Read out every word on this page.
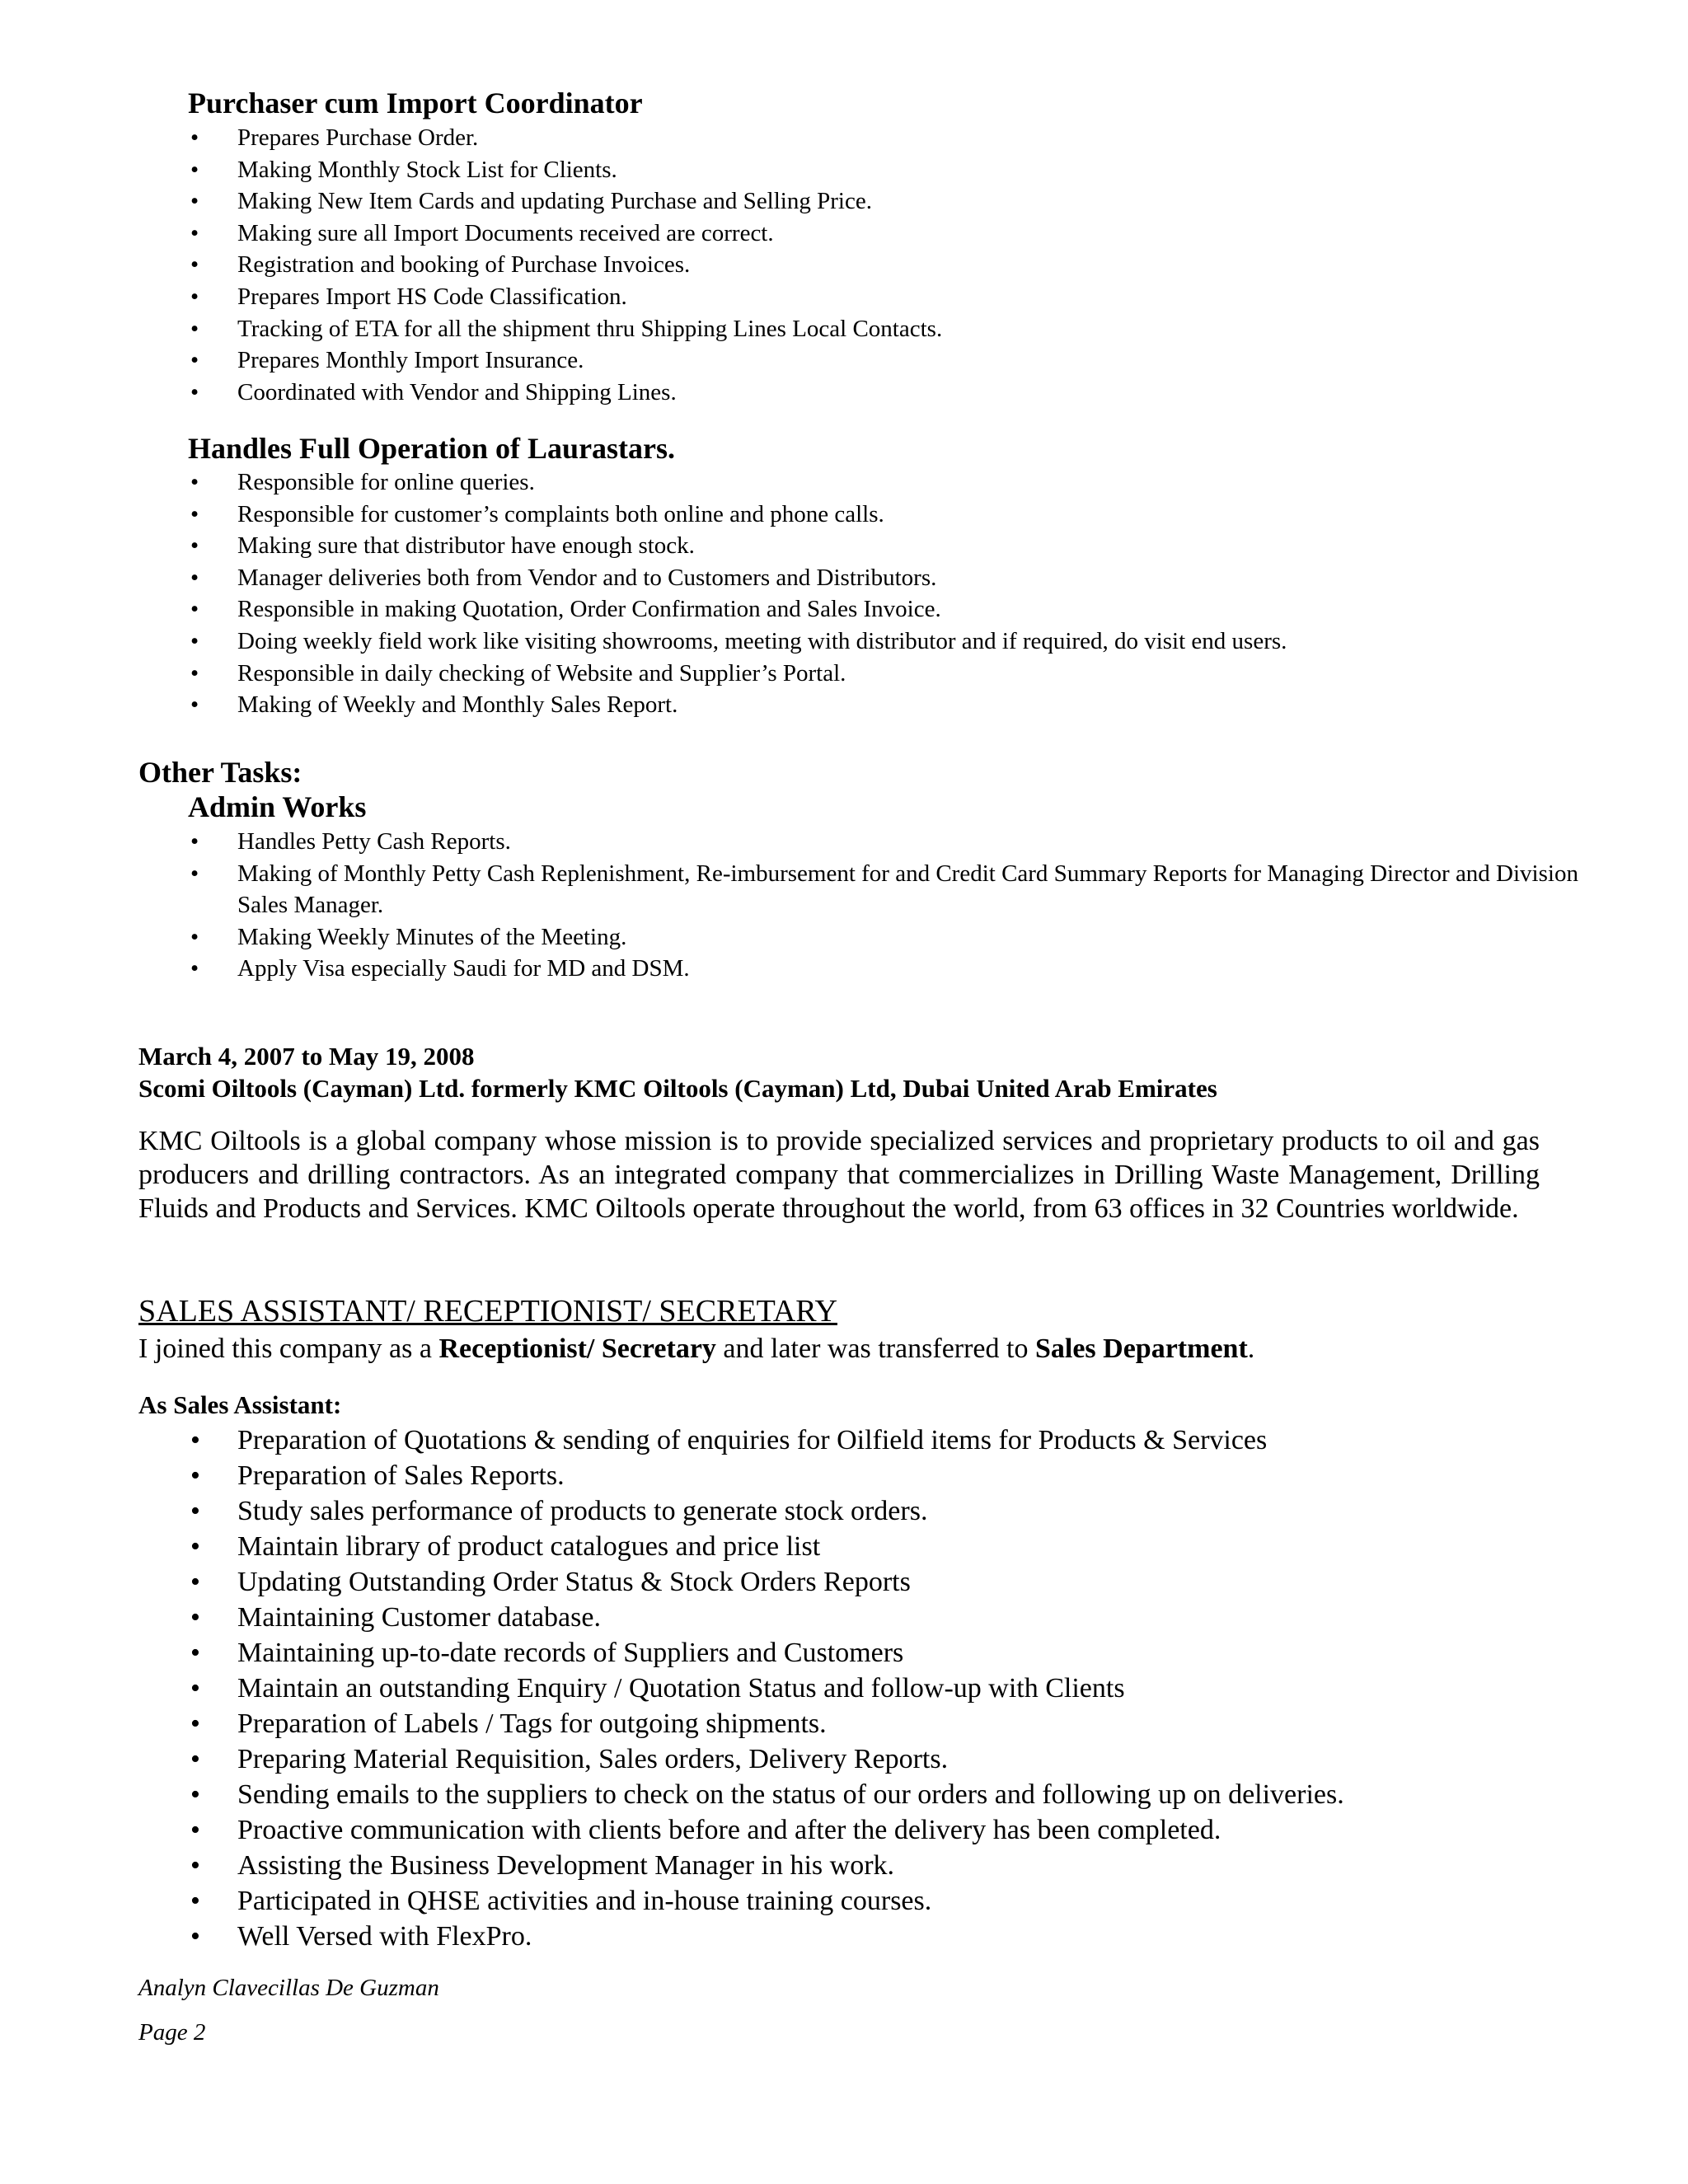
Purchaser cum Import Coordinator
• Prepares Purchase Order.
• Making Monthly Stock List for Clients.
• Making New Item Cards and updating Purchase and Selling Price.
• Making sure all Import Documents received are correct.
• Registration and booking of Purchase Invoices.
• Prepares Import HS Code Classification.
• Tracking of ETA for all the shipment thru Shipping Lines Local Contacts.
• Prepares Monthly Import Insurance.
• Coordinated with Vendor and Shipping Lines.
Handles Full Operation of Laurastars.
• Responsible for online queries.
• Responsible for customer’s complaints both online and phone calls.
• Making sure that distributor have enough stock.
• Manager deliveries both from Vendor and to Customers and Distributors.
• Responsible in making Quotation, Order Confirmation and Sales Invoice.
• Doing weekly field work like visiting showrooms, meeting with distributor and if required, do visit end users.
• Responsible in daily checking of Website and Supplier’s Portal.
• Making of Weekly and Monthly Sales Report.
Other Tasks:
Admin Works
• Handles Petty Cash Reports.
• Making of Monthly Petty Cash Replenishment, Re-imbursement for and Credit Card Summary Reports for Managing Director and Division Sales Manager.
• Making Weekly Minutes of the Meeting.
• Apply Visa especially Saudi for MD and DSM.

March 4, 2007 to May 19, 2008

Scomi Oiltools (Cayman) Ltd. formerly KMC Oiltools (Cayman) Ltd, Dubai United Arab Emirates

KMC Oiltools is a global company whose mission is to provide specialized services and proprietary products to oil and gas producers and drilling contractors. As an integrated company that commercializes in Drilling Waste Management, Drilling Fluids and Products and Services. KMC Oiltools operate throughout the world, from 63 offices in 32 Countries worldwide.

SALES ASSISTANT/ RECEPTIONIST/ SECRETARY

I joined this company as a Receptionist/ Secretary and later was transferred to Sales Department.

As Sales Assistant:

• Preparation of Quotations & sending of enquiries for Oilfield items for Products & Services
• Preparation of Sales Reports.
• Study sales performance of products to generate stock orders.
• Maintain library of product catalogues and price list
• Updating Outstanding Order Status & Stock Orders Reports
• Maintaining Customer database.
• Maintaining up-to-date records of Suppliers and Customers
• Maintain an outstanding Enquiry / Quotation Status and follow-up with Clients
• Preparation of Labels / Tags for outgoing shipments.
• Preparing Material Requisition, Sales orders, Delivery Reports.
• Sending emails to the suppliers to check on the status of our orders and following up on deliveries.
• Proactive communication with clients before and after the delivery has been completed.
• Assisting the Business Development Manager in his work.
• Participated in QHSE activities and in-house training courses.
• Well Versed with FlexPro.

Analyn Clavecillas De Guzman

Page 2
